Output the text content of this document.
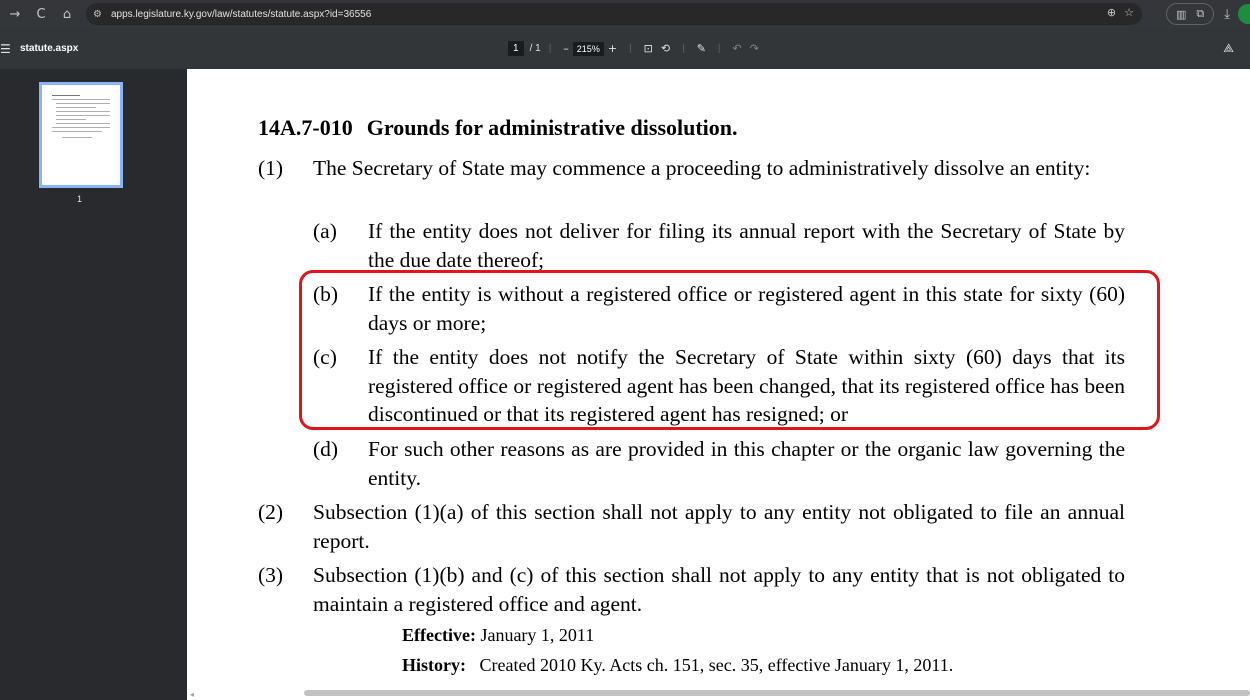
→	C	⌂	⚙ apps.legislature.ky.gov/law/statutes/statute.aspx?id=36556	⊕ ☆	▥ ⧉ ⤓
☰ statute.aspx	1	/ 1 | – 215% + | ⊡ ⟲ | ✎ | ↶ ↷	⟁
1
14A.7-010 Grounds for administrative dissolution.
(1) The Secretary of State may commence a proceeding to administratively dissolve an entity:
(a) If the entity does not deliver for filing its annual report with the Secretary of State by the due date thereof;
(b) If the entity is without a registered office or registered agent in this state for sixty (60) days or more;
(c) If the entity does not notify the Secretary of State within sixty (60) days that its registered office or registered agent has been changed, that its registered office has been discontinued or that its registered agent has resigned; or
(d) For such other reasons as are provided in this chapter or the organic law governing the entity.
(2) Subsection (1)(a) of this section shall not apply to any entity not obligated to file an annual report.
(3) Subsection (1)(b) and (c) of this section shall not apply to any entity that is not obligated to maintain a registered office and agent.
Effective: January 1, 2011
History: Created 2010 Ky. Acts ch. 151, sec. 35, effective January 1, 2011.
◂
